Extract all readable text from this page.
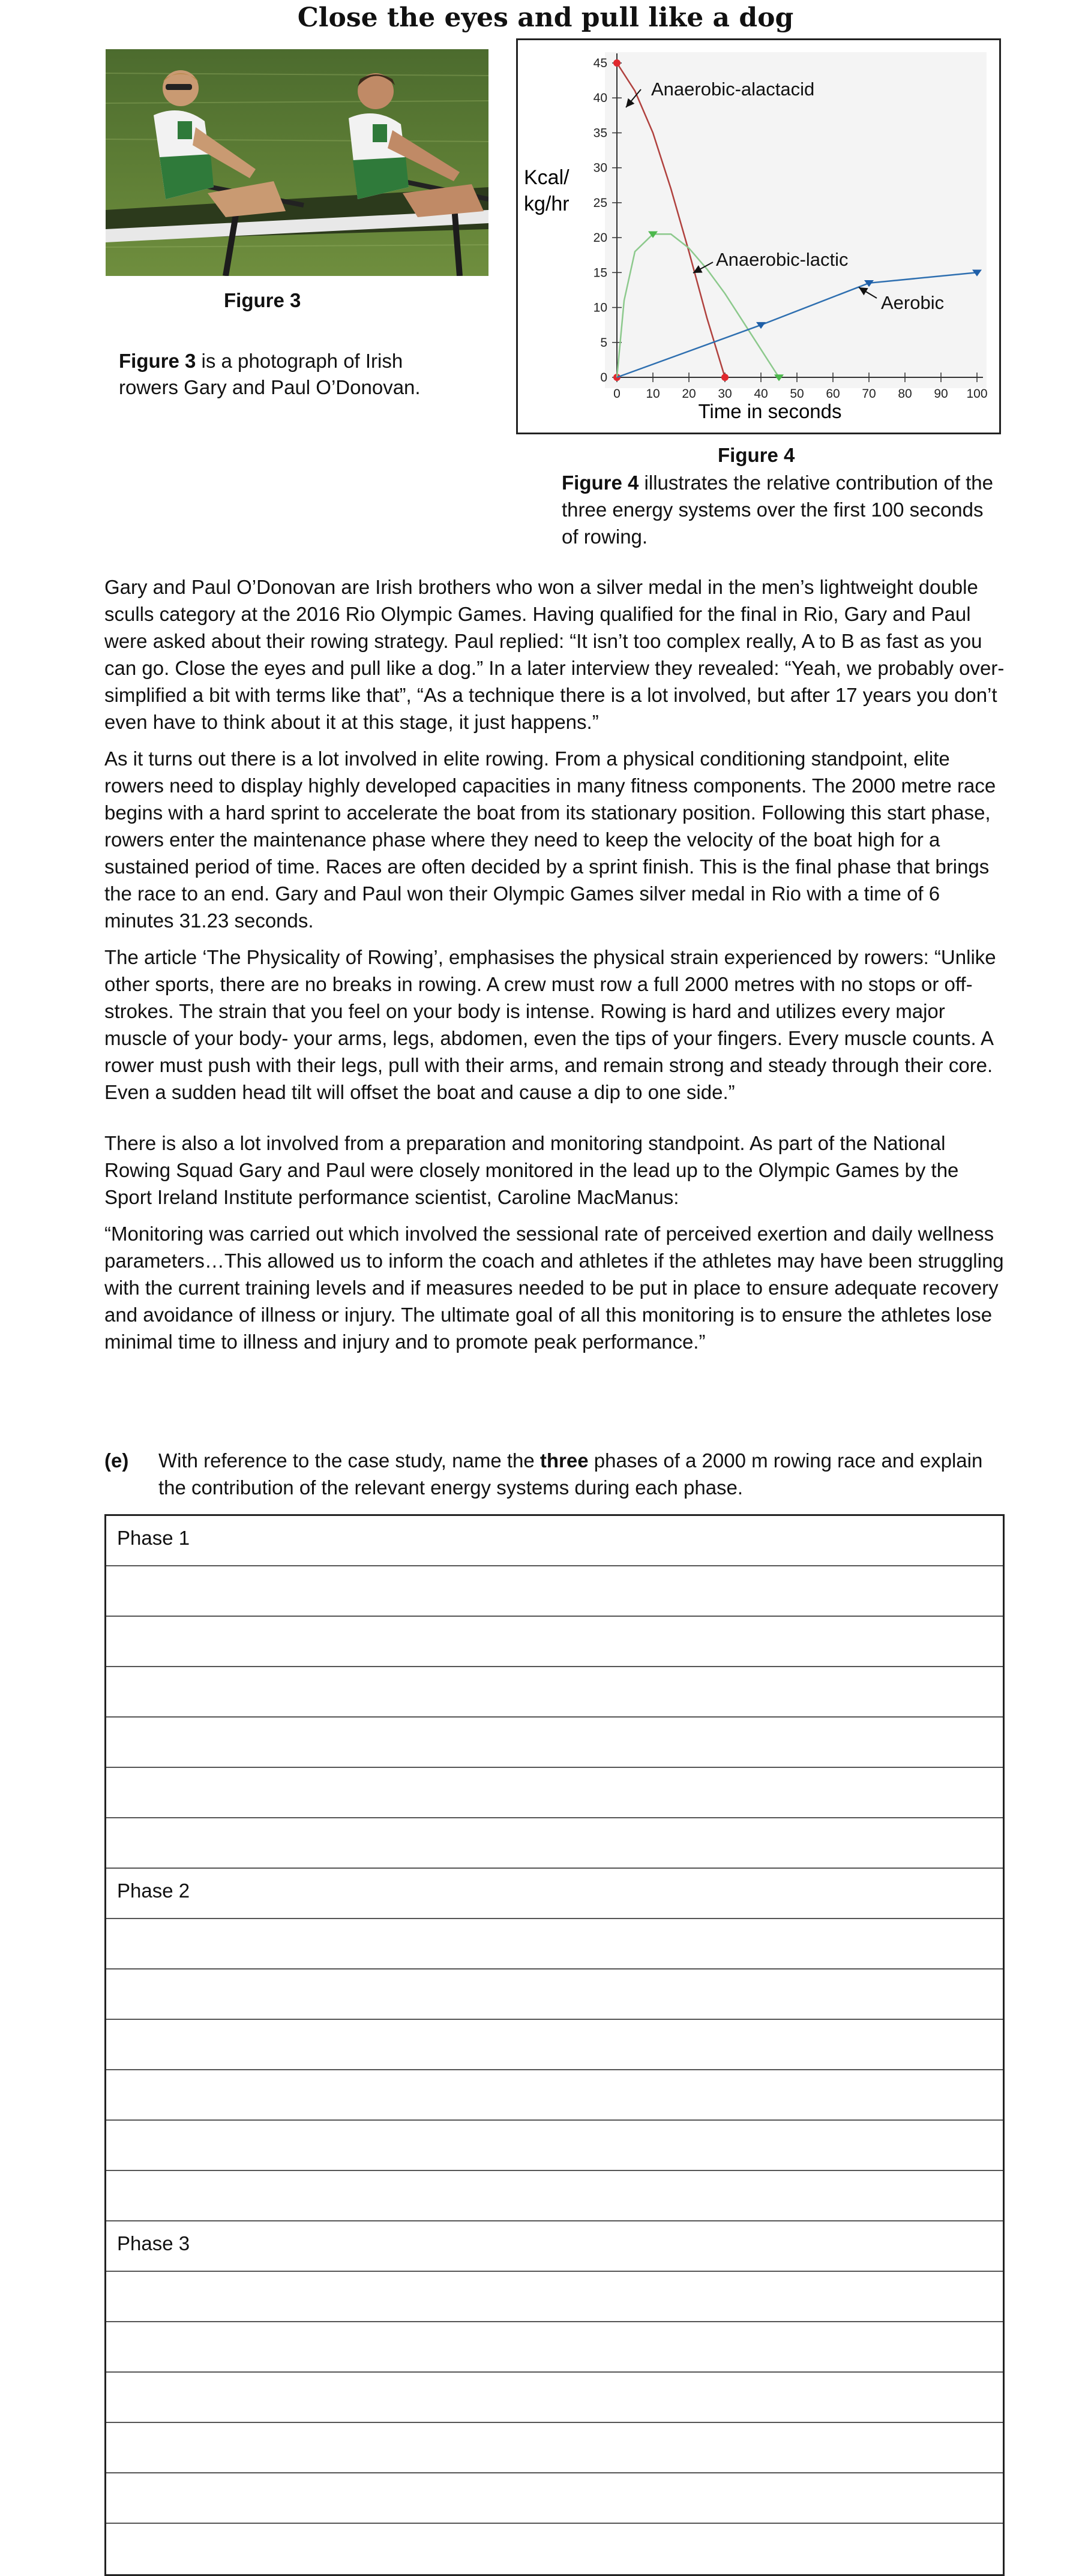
Close the eyes and pull like a dog
Figure 3
Figure 3 is a photograph of Irish rowers Gary and Paul O’Donovan.	0
5
10
15
20
25
30
35
40
45
0 10 20 30 40 50 60 70 80 90 100
Anaerobic-alactacid
Anaerobic-lactic
Aerobic
Kcal/
kg/hr
Time in seconds
Figure 4
Figure 4 illustrates the relative contribution of the three energy systems over the first 100 seconds of rowing.

Gary and Paul O’Donovan are Irish brothers who won a silver medal in the men’s lightweight double sculls category at the 2016 Rio Olympic Games. Having qualified for the final in Rio, Gary and Paul were asked about their rowing strategy. Paul replied: “It isn’t too complex really, A to B as fast as you can go. Close the eyes and pull like a dog.” In a later interview they revealed: “Yeah, we probably over-simplified a bit with terms like that”, “As a technique there is a lot involved, but after 17 years you don’t even have to think about it at this stage, it just happens.”

As it turns out there is a lot involved in elite rowing. From a physical conditioning standpoint, elite rowers need to display highly developed capacities in many fitness components. The 2000 metre race begins with a hard sprint to accelerate the boat from its stationary position. Following this start phase, rowers enter the maintenance phase where they need to keep the velocity of the boat high for a sustained period of time. Races are often decided by a sprint finish. This is the final phase that brings the race to an end. Gary and Paul won their Olympic Games silver medal in Rio with a time of 6 minutes 31.23 seconds.

The article ‘The Physicality of Rowing’, emphasises the physical strain experienced by rowers: “Unlike other sports, there are no breaks in rowing. A crew must row a full 2000 metres with no stops or off-strokes. The strain that you feel on your body is intense. Rowing is hard and utilizes every major muscle of your body- your arms, legs, abdomen, even the tips of your fingers. Every muscle counts. A rower must push with their legs, pull with their arms, and remain strong and steady through their core. Even a sudden head tilt will offset the boat and cause a dip to one side.”

There is also a lot involved from a preparation and monitoring standpoint. As part of the National Rowing Squad Gary and Paul were closely monitored in the lead up to the Olympic Games by the Sport Ireland Institute performance scientist, Caroline MacManus:

“Monitoring was carried out which involved the sessional rate of perceived exertion and daily wellness parameters…This allowed us to inform the coach and athletes if the athletes may have been struggling with the current training levels and if measures needed to be put in place to ensure adequate recovery and avoidance of illness or injury. The ultimate goal of all this monitoring is to ensure the athletes lose minimal time to illness and injury and to promote peak performance.”

(e) With reference to the case study, name the three phases of a 2000 m rowing race and explain the contribution of the relevant energy systems during each phase.
Phase 1
Phase 2
Phase 3
